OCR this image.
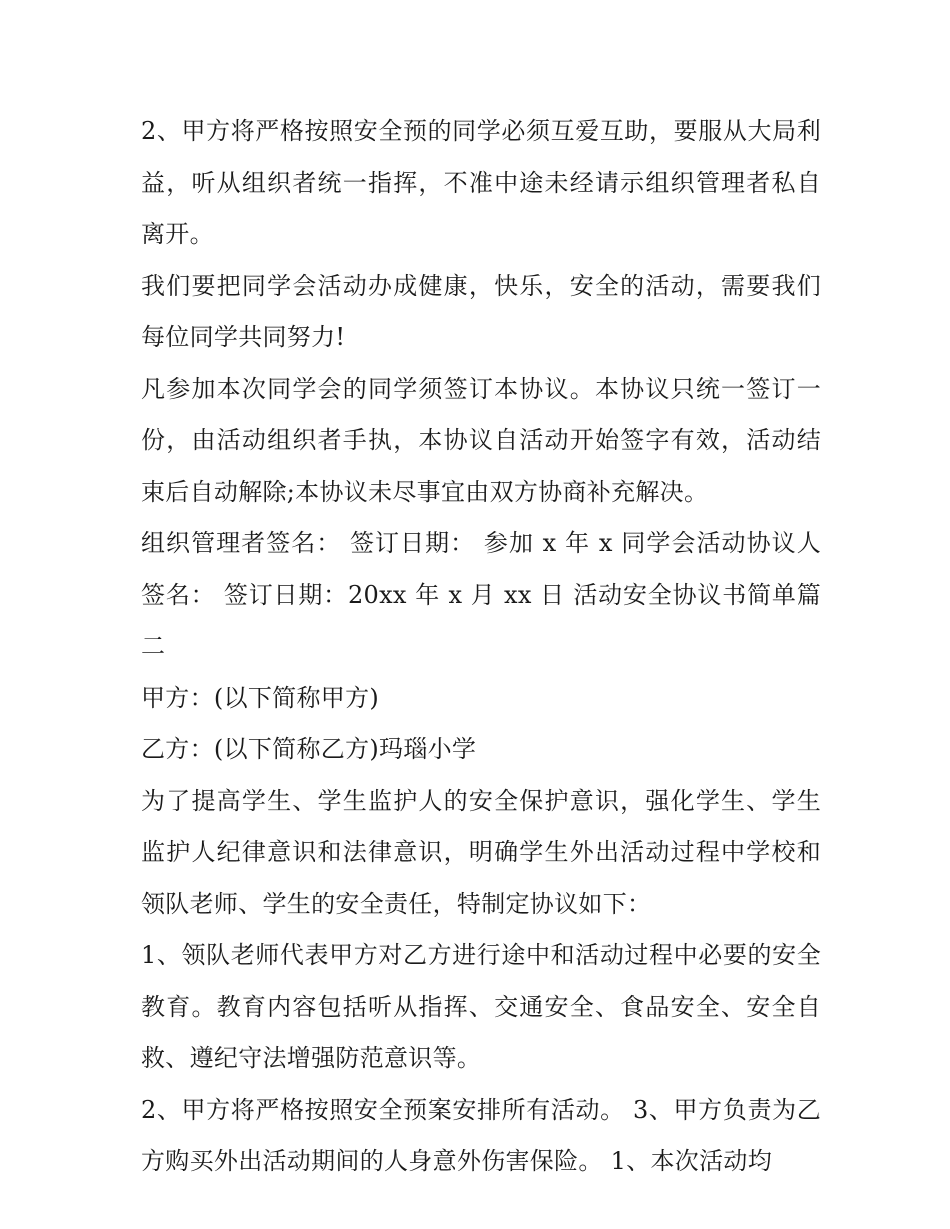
2、甲方将严格按照安全预的同学必须互爱互助，要服从大局利益，听从组织者统一指挥，不准中途未经请示组织管理者私自离开。

我们要把同学会活动办成健康，快乐，安全的活动，需要我们每位同学共同努力!

凡参加本次同学会的同学须签订本协议。本协议只统一签订一份，由活动组织者手执，本协议自活动开始签字有效，活动结束后自动解除;本协议未尽事宜由双方协商补充解决。

组织管理者签名： 签订日期： 参加 x 年 x 同学会活动协议人签名： 签订日期：20xx 年 x 月 xx 日 活动安全协议书简单篇二

甲方：(以下简称甲方)

乙方：(以下简称乙方)玛瑙小学

为了提高学生、学生监护人的安全保护意识，强化学生、学生监护人纪律意识和法律意识，明确学生外出活动过程中学校和领队老师、学生的安全责任，特制定协议如下：

1、领队老师代表甲方对乙方进行途中和活动过程中必要的安全教育。教育内容包括听从指挥、交通安全、食品安全、安全自救、遵纪守法增强防范意识等。

2、甲方将严格按照安全预案安排所有活动。 3、甲方负责为乙方购买外出活动期间的人身意外伤害保险。 1、本次活动均
